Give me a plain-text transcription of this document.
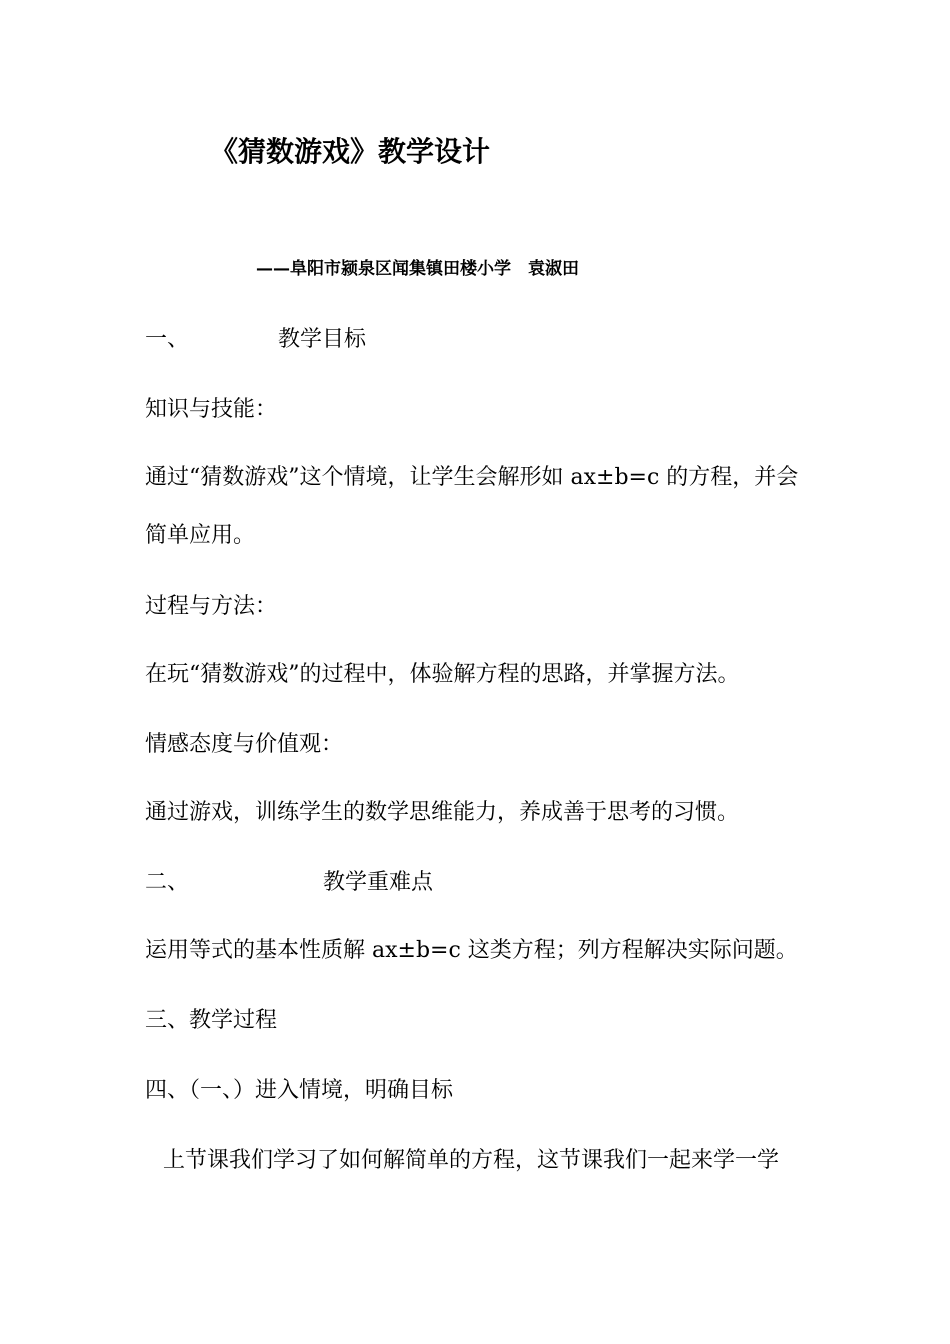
《猜数游戏》教学设计
——阜阳市颍泉区闻集镇田楼小学　袁淑田
一、	教学目标
知识与技能：
通过“猜数游戏”这个情境，让学生会解形如 ax±b=c 的方程，并会
简单应用。
过程与方法：
在玩“猜数游戏”的过程中，体验解方程的思路，并掌握方法。
情感态度与价值观：
通过游戏，训练学生的数学思维能力，养成善于思考的习惯。
二、	教学重难点
运用等式的基本性质解 ax±b=c 这类方程；列方程解决实际问题。
三、教学过程
四、（一、）进入情境，明确目标
上节课我们学习了如何解简单的方程，这节课我们一起来学一学
